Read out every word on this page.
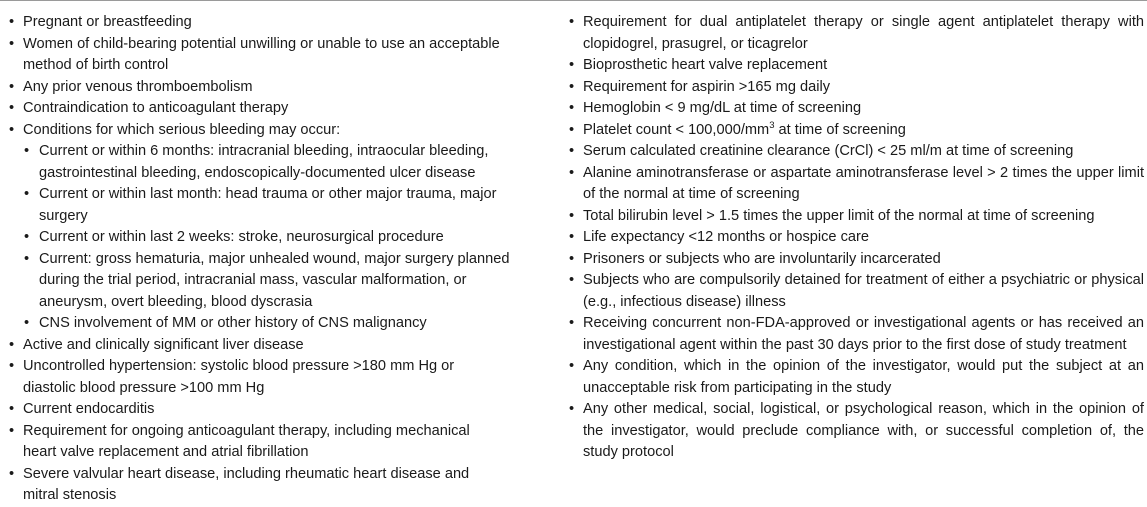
• Pregnant or breastfeeding
• Women of child-bearing potential unwilling or unable to use an acceptable method of birth control
• Any prior venous thromboembolism
• Contraindication to anticoagulant therapy
• Conditions for which serious bleeding may occur:
• Current or within 6 months: intracranial bleeding, intraocular bleeding, gastrointestinal bleeding, endoscopically-documented ulcer disease
• Current or within last month: head trauma or other major trauma, major surgery
• Current or within last 2 weeks: stroke, neurosurgical procedure
• Current: gross hematuria, major unhealed wound, major surgery planned during the trial period, intracranial mass, vascular malformation, or aneurysm, overt bleeding, blood dyscrasia
• CNS involvement of MM or other history of CNS malignancy
• Active and clinically significant liver disease
• Uncontrolled hypertension: systolic blood pressure >180 mm Hg or diastolic blood pressure >100 mm Hg
• Current endocarditis
• Requirement for ongoing anticoagulant therapy, including mechanical heart valve replacement and atrial fibrillation
• Severe valvular heart disease, including rheumatic heart disease and mitral stenosis
• Requirement for dual antiplatelet therapy or single agent antiplatelet therapy with clopidogrel, prasugrel, or ticagrelor
• Bioprosthetic heart valve replacement
• Requirement for aspirin >165 mg daily
• Hemoglobin < 9 mg/dL at time of screening
• Platelet count < $100,000/mm^3$ at time of screening
• Serum calculated creatinine clearance (CrCl) < 25 ml/m at time of screening
• Alanine aminotransferase or aspartate aminotransferase level > 2 times the upper limit of the normal at time of screening
• Total bilirubin level > 1.5 times the upper limit of the normal at time of screening
• Life expectancy <12 months or hospice care
• Prisoners or subjects who are involuntarily incarcerated
• Subjects who are compulsorily detained for treatment of either a psychiatric or physical (e.g., infectious disease) illness
• Receiving concurrent non-FDA-approved or investigational agents or has received an investigational agent within the past 30 days prior to the first dose of study treatment
• Any condition, which in the opinion of the investigator, would put the subject at an unacceptable risk from participating in the study
• Any other medical, social, logistical, or psychological reason, which in the opinion of the investigator, would preclude compliance with, or successful completion of, the study protocol
